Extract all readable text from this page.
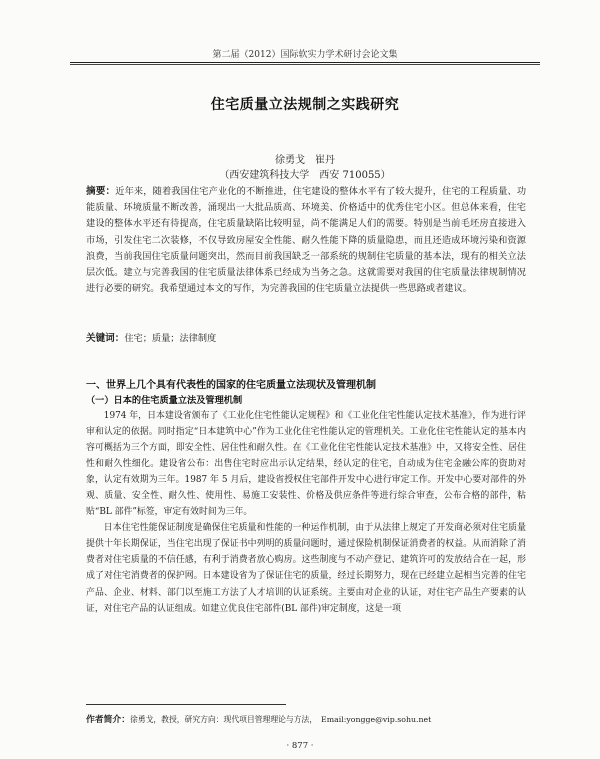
第二届（2012）国际软实力学术研讨会论文集
住宅质量立法规制之实践研究
徐勇戈　崔丹
（西安建筑科技大学　西安 710055）
摘要：近年来，随着我国住宅产业化的不断推进，住宅建设的整体水平有了较大提升，住宅的工程质量、功能质量、环境质量不断改善，涌现出一大批品质高、环境美、价格适中的优秀住宅小区。但总体来看，住宅建设的整体水平还有待提高，住宅质量缺陷比较明显，尚不能满足人们的需要。特别是当前毛坯房直接进入市场，引发住宅二次装修，不仅导致房屋安全性能、耐久性能下降的质量隐患，而且还造成环境污染和资源浪费，当前我国住宅质量问题突出，然而目前我国缺乏一部系统的规制住宅质量的基本法，现有的相关立法层次低。建立与完善我国的住宅质量法律体系已经成为当务之急。这就需要对我国的住宅质量法律规制情况进行必要的研究。我希望通过本文的写作，为完善我国的住宅质量立法提供一些思路或者建议。
关键词：住宅；质量；法律制度
一、世界上几个具有代表性的国家的住宅质量立法现状及管理机制
（一）日本的住宅质量立法及管理机制

1974 年，日本建设省颁布了《工业化住宅性能认定规程》和《工业化住宅性能认定技术基准》，作为进行评审和认定的依据。同时指定“日本建筑中心”作为工业化住宅性能认定的管理机关。工业化住宅性能认定的基本内容可概括为三个方面，即安全性、居住性和耐久性。在《工业化住宅性能认定技术基准》中，又将安全性、居住性和耐久性细化。建设省公布：出售住宅时应出示认定结果，经认定的住宅，自动成为住宅金融公库的资助对象，认定有效期为三年。1987 年 5 月后，建设省授权住宅部件开发中心进行审定工作。开发中心要对部件的外观、质量、安全性、耐久性、使用性、易施工安装性、价格及供应条件等进行综合审查，公布合格的部件，粘贴“BL 部件”标签，审定有效时间为三年。

日本住宅性能保证制度是确保住宅质量和性能的一种运作机制，由于从法律上规定了开发商必须对住宅质量提供十年长期保证，当住宅出现了保证书中列明的质量问题时，通过保险机制保证消费者的权益。从而消除了消费者对住宅质量的不信任感，有利于消费者放心购房。这些制度与不动产登记、建筑许可的发放结合在一起，形成了对住宅消费者的保护网。日本建设省为了保证住宅的质量，经过长期努力，现在已经建立起相当完善的住宅产品、企业、材料、部门以至施工方法了人才培训的认证系统。主要由对企业的认证，对住宅产品生产要素的认证，对住宅产品的认证组成。如建立优良住宅部件(BL 部件)审定制度，这是一项

作者简介：徐勇戈，教授，研究方向：现代项目管理理论与方法，　Email:yongge@vip.sohu.net
· 877 ·
